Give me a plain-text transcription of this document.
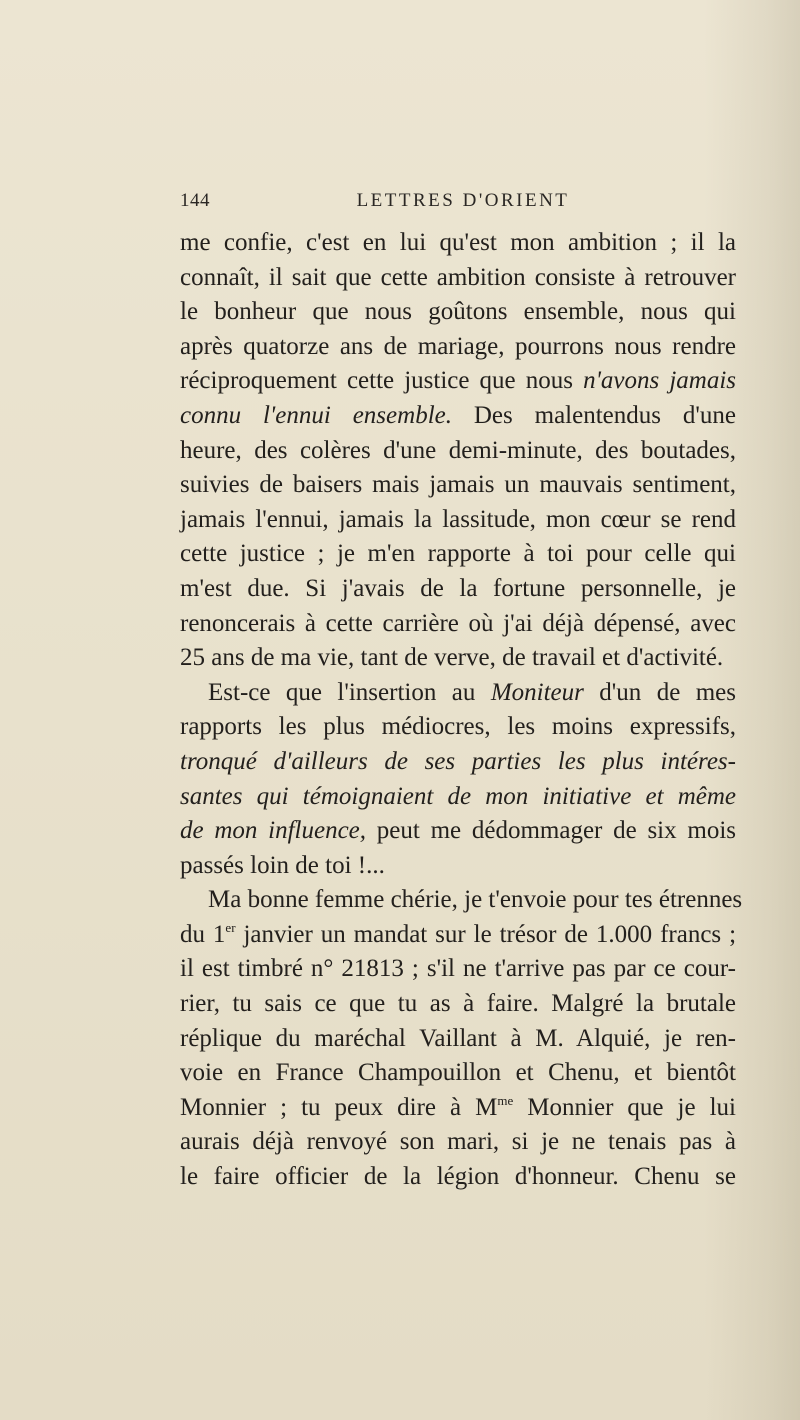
144	LETTRES D'ORIENT
me confie, c'est en lui qu'est mon ambition ; il la
connaît, il sait que cette ambition consiste à retrouver
le bonheur que nous goûtons ensemble, nous qui
après quatorze ans de mariage, pourrons nous rendre
réciproquement cette justice que nous n'avons jamais
connu l'ennui ensemble. Des malentendus d'une
heure, des colères d'une demi-minute, des boutades,
suivies de baisers mais jamais un mauvais sentiment,
jamais l'ennui, jamais la lassitude, mon cœur se rend
cette justice ; je m'en rapporte à toi pour celle qui
m'est due. Si j'avais de la fortune personnelle, je
renoncerais à cette carrière où j'ai déjà dépensé, avec
25 ans de ma vie, tant de verve, de travail et d'activité.
Est-ce que l'insertion au Moniteur d'un de mes
rapports les plus médiocres, les moins expressifs,
tronqué d'ailleurs de ses parties les plus intéres-
santes qui témoignaient de mon initiative et même
de mon influence, peut me dédommager de six mois
passés loin de toi !...
Ma bonne femme chérie, je t'envoie pour tes étrennes
du 1er janvier un mandat sur le trésor de 1.000 francs ;
il est timbré n° 21813 ; s'il ne t'arrive pas par ce cour-
rier, tu sais ce que tu as à faire. Malgré la brutale
réplique du maréchal Vaillant à M. Alquié, je ren-
voie en France Champouillon et Chenu, et bientôt
Monnier ; tu peux dire à $M^{me}$ Monnier que je lui
aurais déjà renvoyé son mari, si je ne tenais pas à
le faire officier de la légion d'honneur. Chenu se
